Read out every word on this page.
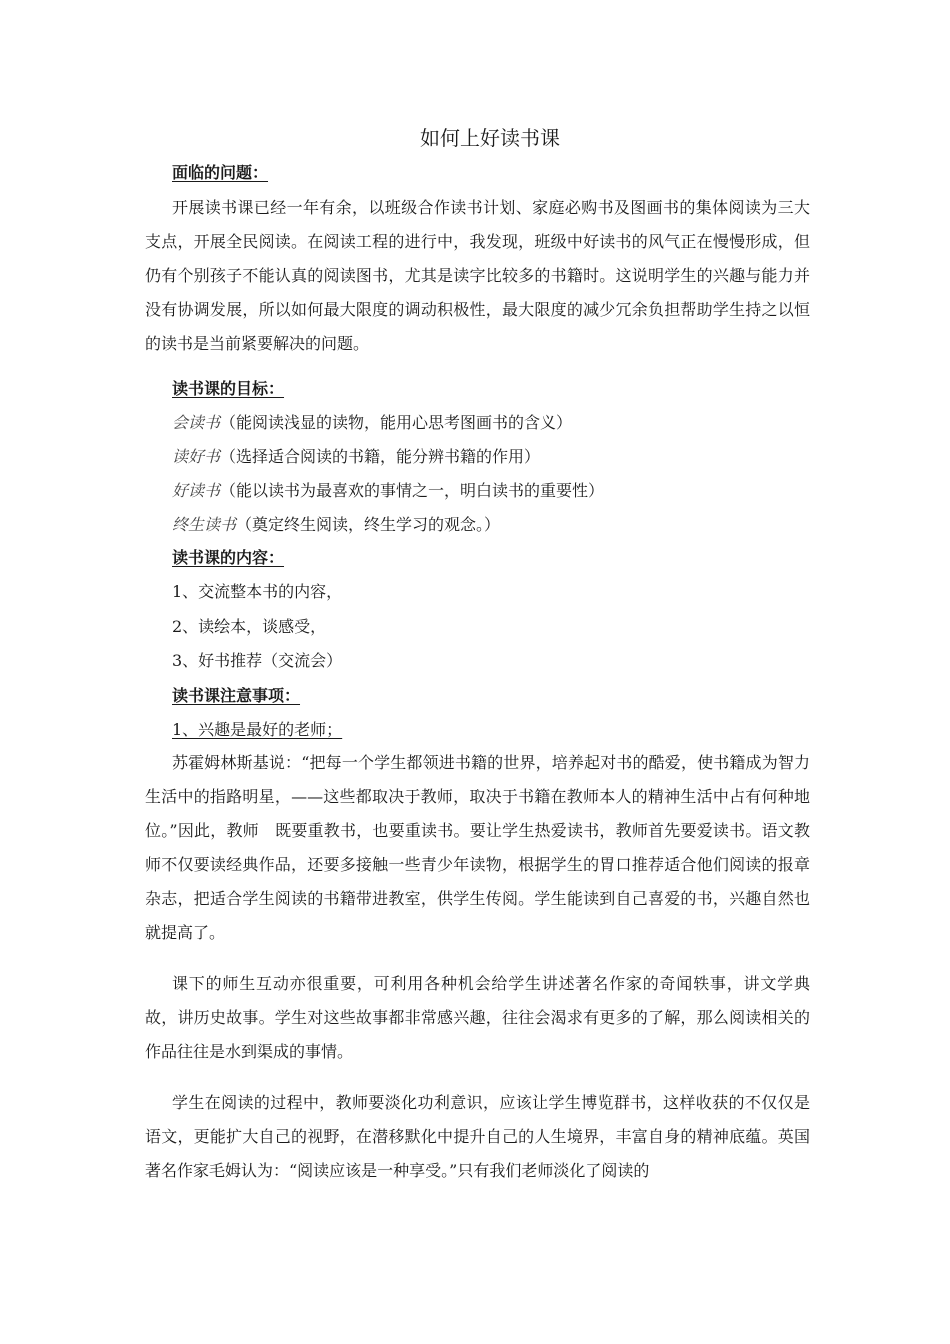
如何上好读书课
面临的问题：
开展读书课已经一年有余，以班级合作读书计划、家庭必购书及图画书的集体阅读为三大支点，开展全民阅读。在阅读工程的进行中，我发现，班级中好读书的风气正在慢慢形成，但仍有个别孩子不能认真的阅读图书，尤其是读字比较多的书籍时。这说明学生的兴趣与能力并没有协调发展，所以如何最大限度的调动积极性，最大限度的减少冗余负担帮助学生持之以恒的读书是当前紧要解决的问题。
读书课的目标：
会读书（能阅读浅显的读物，能用心思考图画书的含义）
读好书（选择适合阅读的书籍，能分辨书籍的作用）
好读书（能以读书为最喜欢的事情之一，明白读书的重要性）
终生读书（奠定终生阅读，终生学习的观念。）
读书课的内容：
1、交流整本书的内容，
2、读绘本，谈感受，
3、好书推荐（交流会）
读书课注意事项：
1、兴趣是最好的老师；
苏霍姆林斯基说：“把每一个学生都领进书籍的世界，培养起对书的酷爱，使书籍成为智力生活中的指路明星，——这些都取决于教师，取决于书籍在教师本人的精神生活中占有何种地位。”因此，教师　既要重教书，也要重读书。要让学生热爱读书，教师首先要爱读书。语文教师不仅要读经典作品，还要多接触一些青少年读物，根据学生的胃口推荐适合他们阅读的报章杂志，把适合学生阅读的书籍带进教室，供学生传阅。学生能读到自己喜爱的书，兴趣自然也就提高了。
课下的师生互动亦很重要，可利用各种机会给学生讲述著名作家的奇闻轶事，讲文学典故，讲历史故事。学生对这些故事都非常感兴趣，往往会渴求有更多的了解，那么阅读相关的作品往往是水到渠成的事情。
学生在阅读的过程中，教师要淡化功利意识，应该让学生博览群书，这样收获的不仅仅是语文，更能扩大自己的视野，在潜移默化中提升自己的人生境界，丰富自身的精神底蕴。英国著名作家毛姆认为：“阅读应该是一种享受。”只有我们老师淡化了阅读的
